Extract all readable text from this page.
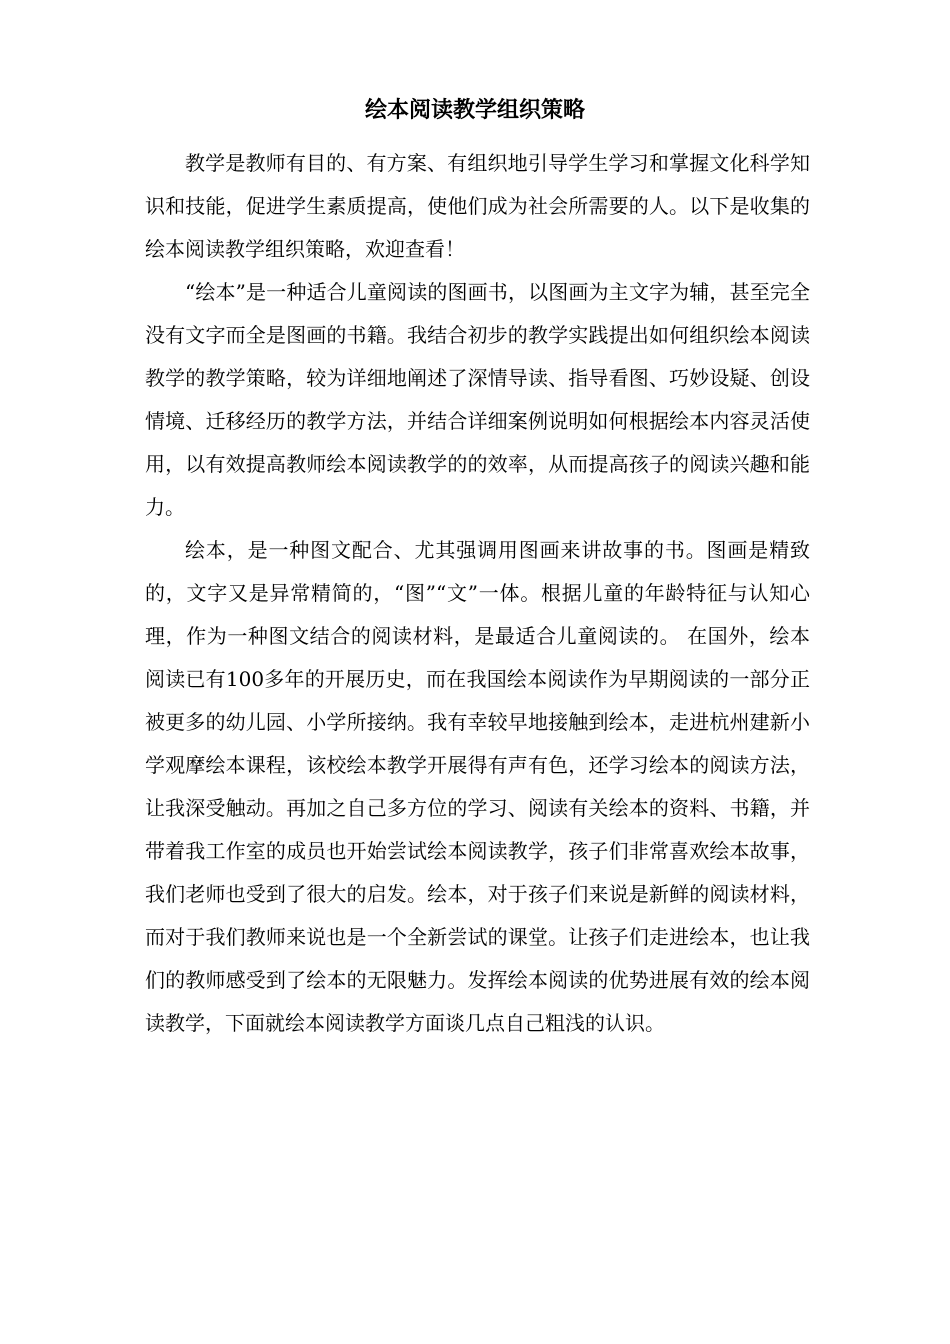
绘本阅读教学组织策略

教学是教师有目的、有方案、有组织地引导学生学习和掌握文化科学知识和技能，促进学生素质提高，使他们成为社会所需要的人。以下是收集的绘本阅读教学组织策略，欢迎查看！

“绘本”是一种适合儿童阅读的图画书，以图画为主文字为辅，甚至完全没有文字而全是图画的书籍。我结合初步的教学实践提出如何组织绘本阅读教学的教学策略，较为详细地阐述了深情导读、指导看图、巧妙设疑、创设情境、迁移经历的教学方法，并结合详细案例说明如何根据绘本内容灵活使用，以有效提高教师绘本阅读教学的的效率，从而提高孩子的阅读兴趣和能力。

绘本，是一种图文配合、尤其强调用图画来讲故事的书。图画是精致的，文字又是异常精简的，“图”“文”一体。根据儿童的年龄特征与认知心理，作为一种图文结合的阅读材料，是最适合儿童阅读的。 在国外，绘本阅读已有100多年的开展历史，而在我国绘本阅读作为早期阅读的一部分正被更多的幼儿园、小学所接纳。我有幸较早地接触到绘本，走进杭州建新小学观摩绘本课程，该校绘本教学开展得有声有色，还学习绘本的阅读方法，让我深受触动。再加之自己多方位的学习、阅读有关绘本的资料、书籍，并带着我工作室的成员也开始尝试绘本阅读教学，孩子们非常喜欢绘本故事，我们老师也受到了很大的启发。绘本，对于孩子们来说是新鲜的阅读材料，而对于我们教师来说也是一个全新尝试的课堂。让孩子们走进绘本，也让我们的教师感受到了绘本的无限魅力。发挥绘本阅读的优势进展有效的绘本阅读教学，下面就绘本阅读教学方面谈几点自己粗浅的认识。
